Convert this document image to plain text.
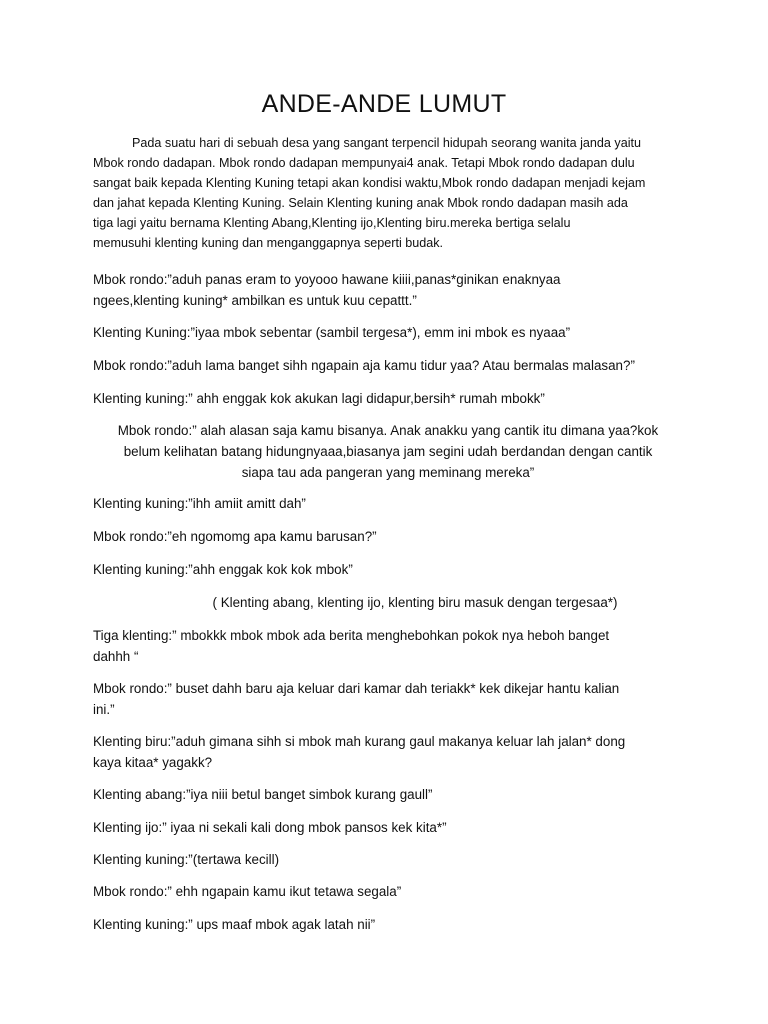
ANDE-ANDE LUMUT
Pada suatu hari di sebuah desa yang sangant terpencil hidupah seorang wanita janda yaitu
Mbok rondo dadapan. Mbok rondo dadapan mempunyai4 anak. Tetapi Mbok rondo dadapan dulu
sangat baik kepada Klenting Kuning tetapi akan kondisi waktu,Mbok rondo dadapan menjadi kejam
dan jahat kepada Klenting Kuning. Selain Klenting kuning anak Mbok rondo dadapan masih ada
tiga lagi yaitu bernama Klenting Abang,Klenting ijo,Klenting biru.mereka bertiga selalu
memusuhi klenting kuning dan menganggapnya seperti budak.

Mbok rondo:”aduh panas eram to yoyooo hawane kiiii,panas*ginikan enaknyaa
ngees,klenting kuning* ambilkan es untuk kuu cepattt.”

Klenting Kuning:”iyaa mbok sebentar (sambil tergesa*), emm ini mbok es nyaaa”

Mbok rondo:”aduh lama banget sihh ngapain aja kamu tidur yaa? Atau bermalas malasan?”

Klenting kuning:” ahh enggak kok akukan lagi didapur,bersih* rumah mbokk”

Mbok rondo:” alah alasan saja kamu bisanya. Anak anakku yang cantik itu dimana yaa?kok
belum kelihatan batang hidungnyaaa,biasanya jam segini udah berdandan dengan cantik
siapa tau ada pangeran yang meminang mereka”

Klenting kuning:”ihh amiit amitt dah”

Mbok rondo:”eh ngomomg apa kamu barusan?”

Klenting kuning:”ahh enggak kok kok mbok”

( Klenting abang, klenting ijo, klenting biru masuk dengan tergesaa*)

Tiga klenting:” mbokkk mbok mbok ada berita menghebohkan pokok nya heboh banget
dahhh “

Mbok rondo:” buset dahh baru aja keluar dari kamar dah teriakk* kek dikejar hantu kalian
ini.”

Klenting biru:”aduh gimana sihh si mbok mah kurang gaul makanya keluar lah jalan* dong
kaya kitaa* yagakk?

Klenting abang:”iya niii betul banget simbok kurang gaull”

Klenting ijo:” iyaa ni sekali kali dong mbok pansos kek kita*”

Klenting kuning:”(tertawa kecill)

Mbok rondo:” ehh ngapain kamu ikut tetawa segala”

Klenting kuning:” ups maaf mbok agak latah nii”
